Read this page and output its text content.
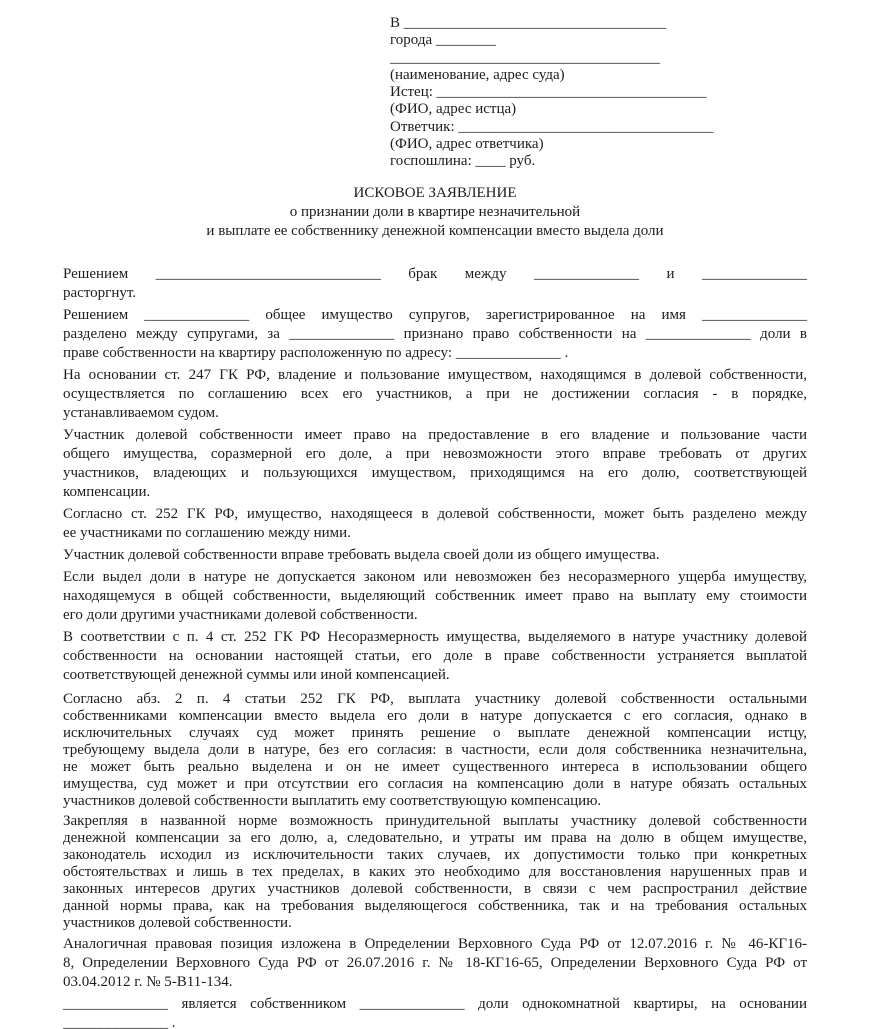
В ___________________________________
города ________
____________________________________
(наименование, адрес суда)
Истец: ____________________________________
(ФИО, адрес истца)
Ответчик: __________________________________
(ФИО, адрес ответчика)
госпошлина: ____ руб.
ИСКОВОЕ ЗАЯВЛЕНИЕ
о признании доли в квартире незначительной
и выплате ее собственнику денежной компенсации вместо выдела доли
Решением ______________________________ брак между ______________ и ______________
расторгнут.
Решением ______________ общее имущество супругов, зарегистрированное на имя ______________
разделено между супругами, за ______________ признано право собственности на ______________ доли в
праве собственности на квартиру расположенную по адресу: ______________ .
На основании ст. 247 ГК РФ, владение и пользование имуществом, находящимся в долевой собственности,
осуществляется по соглашению всех его участников, а при не достижении согласия - в порядке,
устанавливаемом судом.
Участник долевой собственности имеет право на предоставление в его владение и пользование части
общего имущества, соразмерной его доле, а при невозможности этого вправе требовать от других
участников, владеющих и пользующихся имуществом, приходящимся на его долю, соответствующей
компенсации.
Согласно ст. 252 ГК РФ, имущество, находящееся в долевой собственности, может быть разделено между
ее участниками по соглашению между ними.
Участник долевой собственности вправе требовать выдела своей доли из общего имущества.
Если выдел доли в натуре не допускается законом или невозможен без несоразмерного ущерба имуществу,
находящемуся в общей собственности, выделяющий собственник имеет право на выплату ему стоимости
его доли другими участниками долевой собственности.
В соответствии с п. 4 ст. 252 ГК РФ Несоразмерность имущества, выделяемого в натуре участнику долевой
собственности на основании настоящей статьи, его доле в праве собственности устраняется выплатой
соответствующей денежной суммы или иной компенсацией.
Согласно абз. 2 п. 4 статьи 252 ГК РФ, выплата участнику долевой собственности остальными
собственниками компенсации вместо выдела его доли в натуре допускается с его согласия, однако в
исключительных случаях суд может принять решение о выплате денежной компенсации истцу,
требующему выдела доли в натуре, без его согласия: в частности, если доля собственника незначительна,
не может быть реально выделена и он не имеет существенного интереса в использовании общего
имущества, суд может и при отсутствии его согласия на компенсацию доли в натуре обязать остальных
участников долевой собственности выплатить ему соответствующую компенсацию.
Закрепляя в названной норме возможность принудительной выплаты участнику долевой собственности
денежной компенсации за его долю, а, следовательно, и утраты им права на долю в общем имуществе,
законодатель исходил из исключительности таких случаев, их допустимости только при конкретных
обстоятельствах и лишь в тех пределах, в каких это необходимо для восстановления нарушенных прав и
законных интересов других участников долевой собственности, в связи с чем распространил действие
данной нормы права, как на требования выделяющегося собственника, так и на требования остальных
участников долевой собственности.
Аналогичная правовая позиция изложена в Определении Верховного Суда РФ от 12.07.2016 г. № 46-КГ16-
8, Определении Верховного Суда РФ от 26.07.2016 г. № 18-КГ16-65, Определении Верховного Суда РФ от
03.04.2012 г. № 5-В11-134.
______________ является собственником ______________ доли однокомнатной квартиры, на основании
______________ .
